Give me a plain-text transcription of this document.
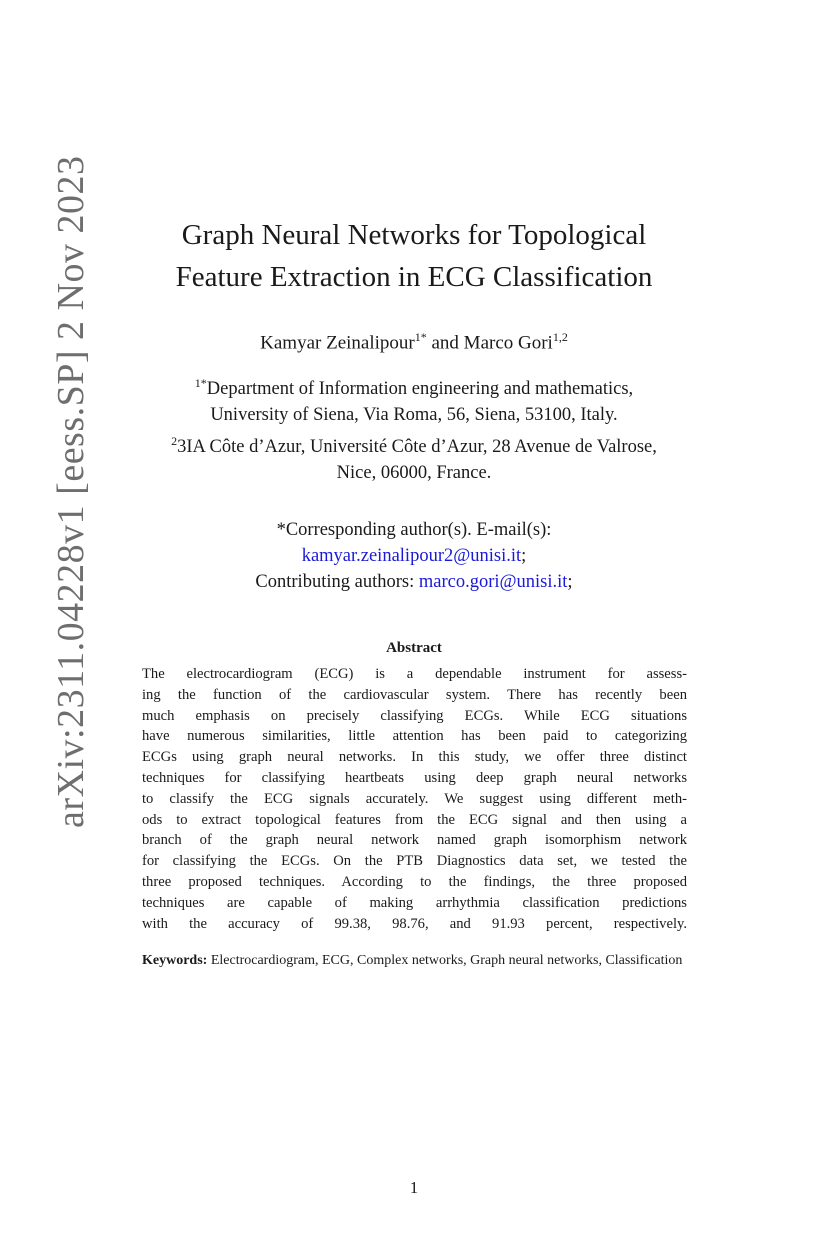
arXiv:2311.04228v1 [eess.SP] 2 Nov 2023	Graph Neural Networks for Topological
Feature Extraction in ECG Classification
Kamyar Zeinalipour$^{1*}$ and Marco Gori$^{1,2}$
$^{1*}$Department of Information engineering and mathematics,
University of Siena, Via Roma, 56, Siena, 53100, Italy.
$^2$3IA Côte d’Azur, Université Côte d’Azur, 28 Avenue de Valrose,
Nice, 06000, France.
*Corresponding author(s). E-mail(s):
kamyar.zeinalipour2@unisi.it;
Contributing authors: marco.gori@unisi.it;
Abstract
The electrocardiogram (ECG) is a dependable instrument for assess-
ing the function of the cardiovascular system. There has recently been
much emphasis on precisely classifying ECGs. While ECG situations
have numerous similarities, little attention has been paid to categorizing
ECGs using graph neural networks. In this study, we offer three distinct
techniques for classifying heartbeats using deep graph neural networks
to classify the ECG signals accurately. We suggest using different meth-
ods to extract topological features from the ECG signal and then using a
branch of the graph neural network named graph isomorphism network
for classifying the ECGs. On the PTB Diagnostics data set, we tested the
three proposed techniques. According to the findings, the three proposed
techniques are capable of making arrhythmia classification predictions
with the accuracy of 99.38, 98.76, and 91.93 percent, respectively.
Keywords: Electrocardiogram, ECG, Complex networks, Graph neural networks, Classification
1
